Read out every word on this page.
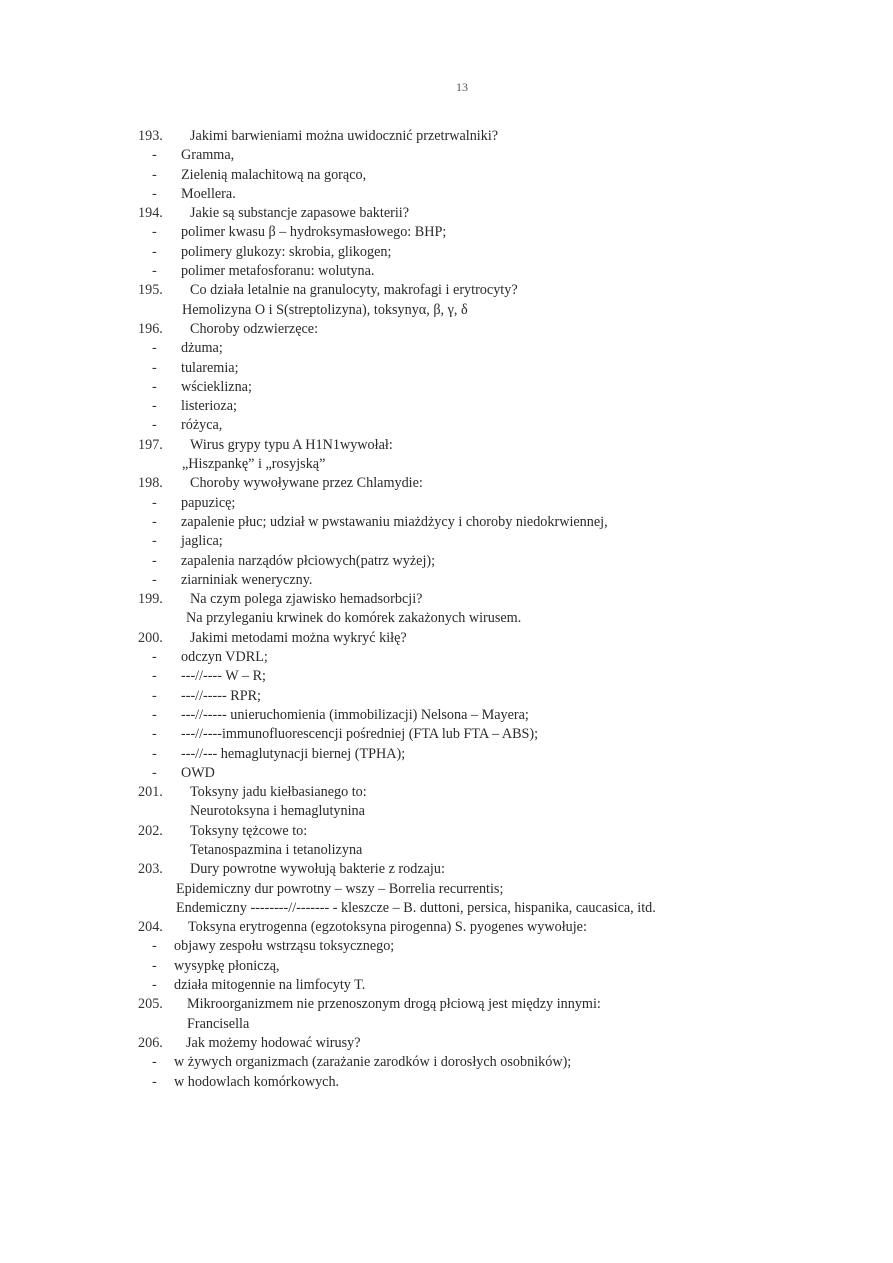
13
193. Jakimi barwieniami można uwidocznić przetrwalniki?
- Gramma,
- Zielenią malachitową na gorąco,
- Moellera.
194. Jakie są substancje zapasowe bakterii?
- polimer kwasu β – hydroksymasłowego: BHP;
- polimery glukozy: skrobia, glikogen;
- polimer metafosforanu: wolutyna.
195. Co działa letalnie na granulocyty, makrofagi i erytrocyty?
Hemolizyna O i S(streptolizyna), toksynyα, β, γ, δ
196. Choroby odzwierzęce:
- dżuma;
- tularemia;
- wścieklizna;
- listerioza;
- różyca,
197. Wirus grypy typu A H1N1wywołał:
„Hiszpankę” i „rosyjską”
198. Choroby wywoływane przez Chlamydie:
- papuzicę;
- zapalenie płuc; udział w pwstawaniu miażdżycy i choroby niedokrwiennej,
- jaglica;
- zapalenia narządów płciowych(patrz wyżej);
- ziarniniak weneryczny.
199. Na czym polega zjawisko hemadsorbcji?
Na przyleganiu krwinek do komórek zakażonych wirusem.
200. Jakimi metodami można wykryć kiłę?
- odczyn VDRL;
- ---//---- W – R;
- ---//----- RPR;
- ---//----- unieruchomienia (immobilizacji) Nelsona – Mayera;
- ---//----immunofluorescencji pośredniej (FTA lub FTA – ABS);
- ---//--- hemaglutynacji biernej (TPHA);
- OWD
201. Toksyny jadu kiełbasianego to:
Neurotoksyna i hemaglutynina
202. Toksyny tężcowe to:
Tetanospazmina i tetanolizyna
203. Dury powrotne wywołują bakterie z rodzaju:
Epidemiczny dur powrotny – wszy – Borrelia recurrentis;
Endemiczny --------//------- - kleszcze – B. duttoni, persica, hispanika, caucasica, itd.
204. Toksyna erytrogenna (egzotoksyna pirogenna) S. pyogenes wywołuje:
- objawy zespołu wstrząsu toksycznego;
- wysypkę płoniczą,
- działa mitogennie na limfocyty T.
205. Mikroorganizmem nie przenoszonym drogą płciową jest między innymi:
Francisella
206. Jak możemy hodować wirusy?
- w żywych organizmach (zarażanie zarodków i dorosłych osobników);
- w hodowlach komórkowych.
